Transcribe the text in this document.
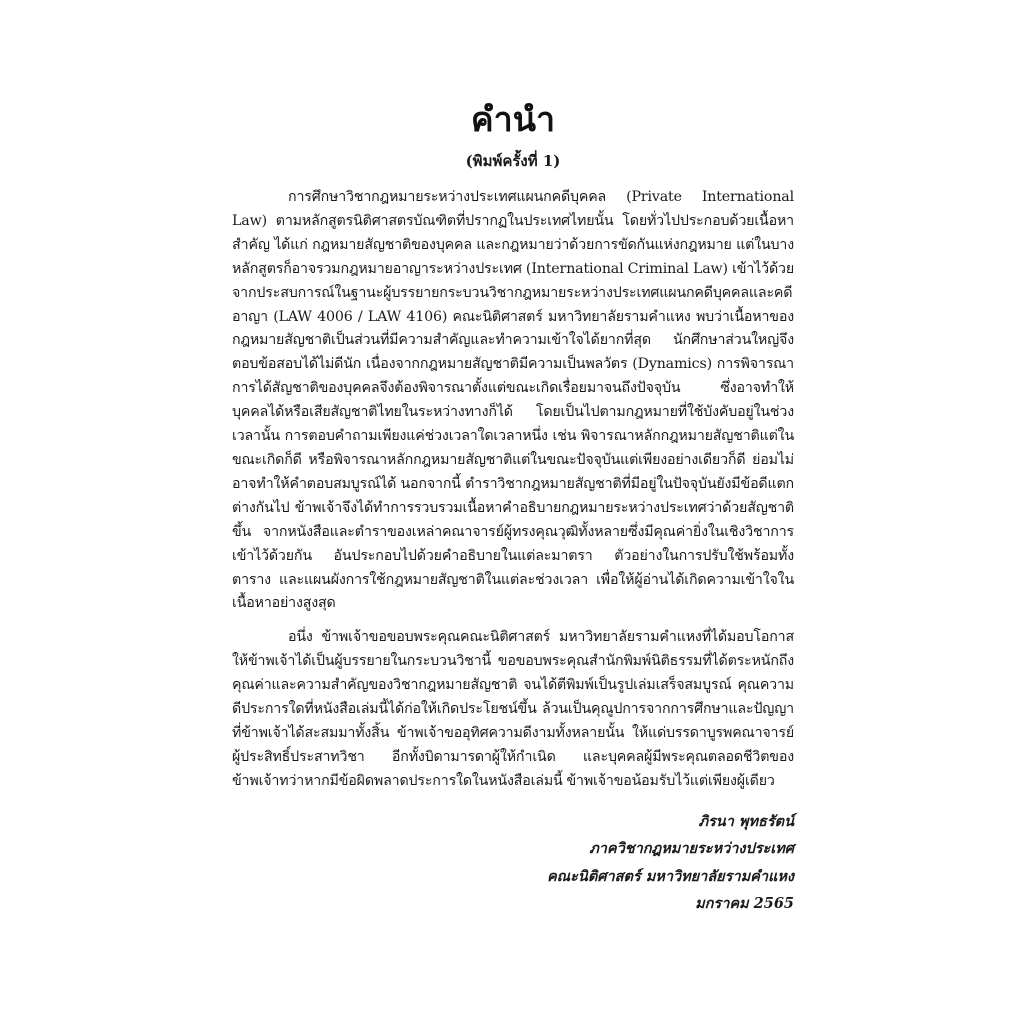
คำนำ
(พิมพ์ครั้งที่ 1)

การศึกษาวิชากฎหมายระหว่างประเทศแผนกคดีบุคคล (Private International Law) ตามหลักสูตรนิติศาสตรบัณฑิตที่ปรากฏในประเทศไทยนั้น โดยทั่วไปประกอบด้วยเนื้อหาสำคัญ ได้แก่ กฎหมายสัญชาติของบุคคล และกฎหมายว่าด้วยการขัดกันแห่งกฎหมาย แต่ในบางหลักสูตรก็อาจรวมกฎหมายอาญาระหว่างประเทศ (International Criminal Law) เข้าไว้ด้วย จากประสบการณ์ในฐานะผู้บรรยายกระบวนวิชากฎหมายระหว่างประเทศแผนกคดีบุคคลและคดีอาญา (LAW 4006 / LAW 4106) คณะนิติศาสตร์ มหาวิทยาลัยรามคำแหง พบว่าเนื้อหาของกฎหมายสัญชาติเป็นส่วนที่มีความสำคัญและทำความเข้าใจได้ยากที่สุด นักศึกษาส่วนใหญ่จึงตอบข้อสอบได้ไม่ดีนัก เนื่องจากกฎหมายสัญชาติมีความเป็นพลวัตร (Dynamics) การพิจารณาการได้สัญชาติของบุคคลจึงต้องพิจารณาตั้งแต่ขณะเกิดเรื่อยมาจนถึงปัจจุบัน ซึ่งอาจทำให้บุคคลได้หรือเสียสัญชาติไทยในระหว่างทางก็ได้ โดยเป็นไปตามกฎหมายที่ใช้บังคับอยู่ในช่วงเวลานั้น การตอบคำถามเพียงแค่ช่วงเวลาใดเวลาหนึ่ง เช่น พิจารณาหลักกฎหมายสัญชาติแต่ในขณะเกิดก็ดี หรือพิจารณาหลักกฎหมายสัญชาติแต่ในขณะปัจจุบันแต่เพียงอย่างเดียวก็ดี ย่อมไม่อาจทำให้คำตอบสมบูรณ์ได้ นอกจากนี้ ตำราวิชากฎหมายสัญชาติที่มีอยู่ในปัจจุบันยังมีข้อดีแตกต่างกันไป ข้าพเจ้าจึงได้ทำการรวบรวมเนื้อหาคำอธิบายกฎหมายระหว่างประเทศว่าด้วยสัญชาติขึ้น จากหนังสือและตำราของเหล่าคณาจารย์ผู้ทรงคุณวุฒิทั้งหลายซึ่งมีคุณค่ายิ่งในเชิงวิชาการเข้าไว้ด้วยกัน อันประกอบไปด้วยคำอธิบายในแต่ละมาตรา ตัวอย่างในการปรับใช้พร้อมทั้งตาราง และแผนผังการใช้กฎหมายสัญชาติในแต่ละช่วงเวลา เพื่อให้ผู้อ่านได้เกิดความเข้าใจในเนื้อหาอย่างสูงสุด

อนึ่ง ข้าพเจ้าขอขอบพระคุณคณะนิติศาสตร์ มหาวิทยาลัยรามคำแหงที่ได้มอบโอกาสให้ข้าพเจ้าได้เป็นผู้บรรยายในกระบวนวิชานี้ ขอขอบพระคุณสำนักพิมพ์นิติธรรมที่ได้ตระหนักถึงคุณค่าและความสำคัญของวิชากฎหมายสัญชาติ จนได้ตีพิมพ์เป็นรูปเล่มเสร็จสมบูรณ์ คุณความดีประการใดที่หนังสือเล่มนี้ได้ก่อให้เกิดประโยชน์ขึ้น ล้วนเป็นคุณูปการจากการศึกษาและปัญญาที่ข้าพเจ้าได้สะสมมาทั้งสิ้น ข้าพเจ้าขออุทิศความดีงามทั้งหลายนั้น ให้แด่บรรดาบูรพคณาจารย์ผู้ประสิทธิ์ประสาทวิชา อีกทั้งบิดามารดาผู้ให้กำเนิด และบุคคลผู้มีพระคุณตลอดชีวิตของข้าพเจ้าทว่าหากมีข้อผิดพลาดประการใดในหนังสือเล่มนี้ ข้าพเจ้าขอน้อมรับไว้แต่เพียงผู้เดียว

ภิรนา พุทธรัตน์
ภาควิชากฎหมายระหว่างประเทศ
คณะนิติศาสตร์ มหาวิทยาลัยรามคำแหง
มกราคม 2565
